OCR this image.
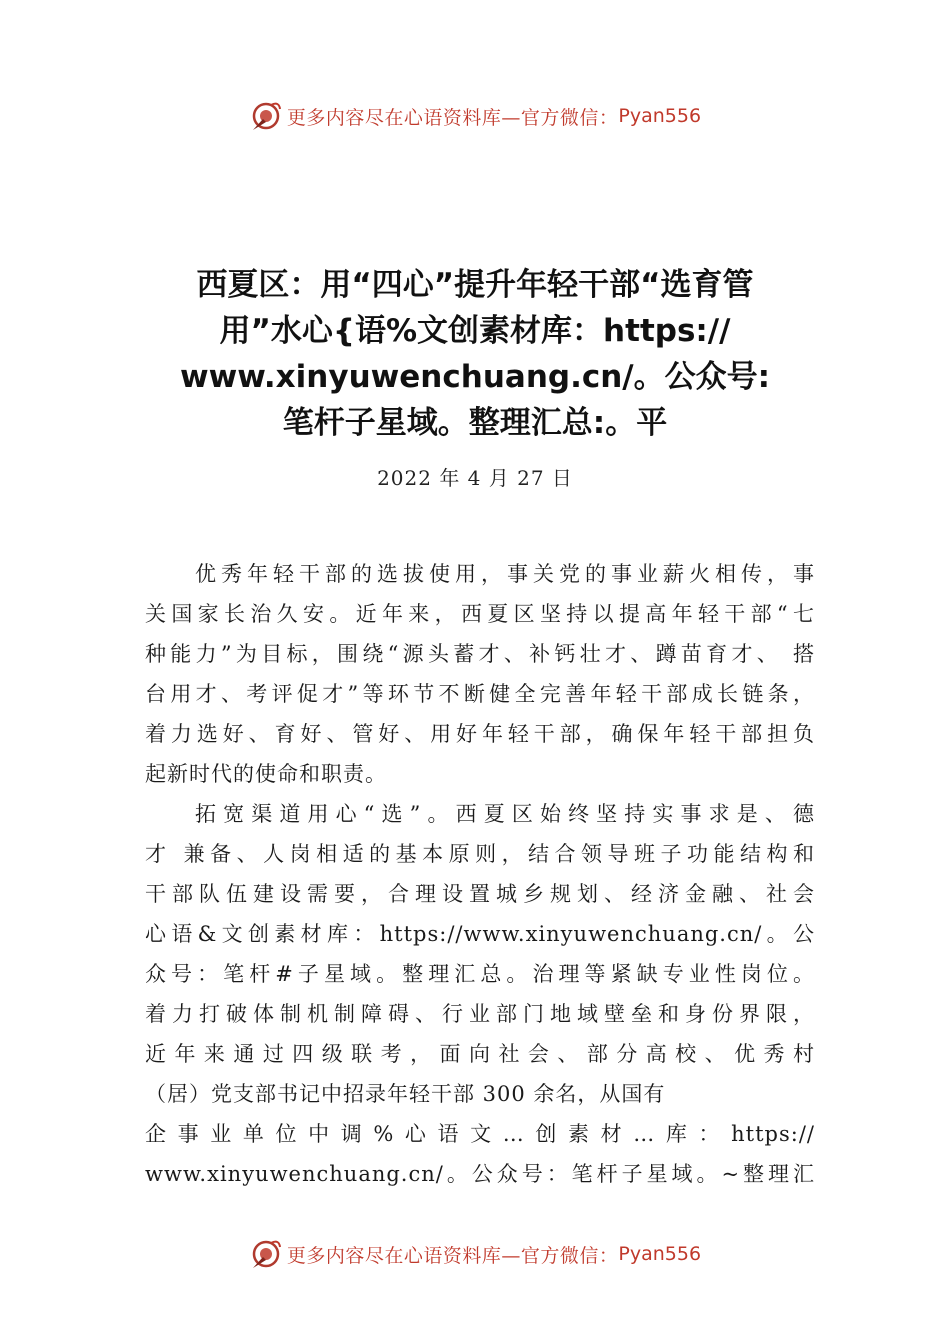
更多内容尽在心语资料库—官方微信： Pyan556
西夏区：用“四心”提升年轻干部“选育管
用”水心{语%文创素材库：https://
www.xinyuwenchuang.cn/。公众号:
笔杆子星域。整理汇总:。平
2022 年 4 月 27 日
优秀年轻干部的选拔使用，事关党的事业薪火相传，事
关国家长治久安。近年来，西夏区坚持以提高年轻干部“七
种能力”为目标，围绕“源头蓄才、补钙壮才、蹲苗育才、 搭
台用才、考评促才”等环节不断健全完善年轻干部成长链条，
着力选好、育好、管好、用好年轻干部，确保年轻干部担负
起新时代的使命和职责。
拓宽渠道用心“选”。西夏区始终坚持实事求是、德
才 兼备、人岗相适的基本原则，结合领导班子功能结构和
干部队伍建设需要，合理设置城乡规划、经济金融、社会
心语&文创素材库：https://www.xinyuwenchuang.cn/。公
众号：笔杆#子星域。整理汇总。治理等紧缺专业性岗位。
着力打破体制机制障碍、行业部门地域壁垒和身份界限，
近年来通过四级联考，面向社会、部分高校、优秀村
（居）党支部书记中招录年轻干部 300 余名，从国有
企事业单位中调%心语文…创素材…库：https://
www.xinyuwenchuang.cn/。公众号：笔杆子星域。~整理汇
更多内容尽在心语资料库—官方微信： Pyan556
